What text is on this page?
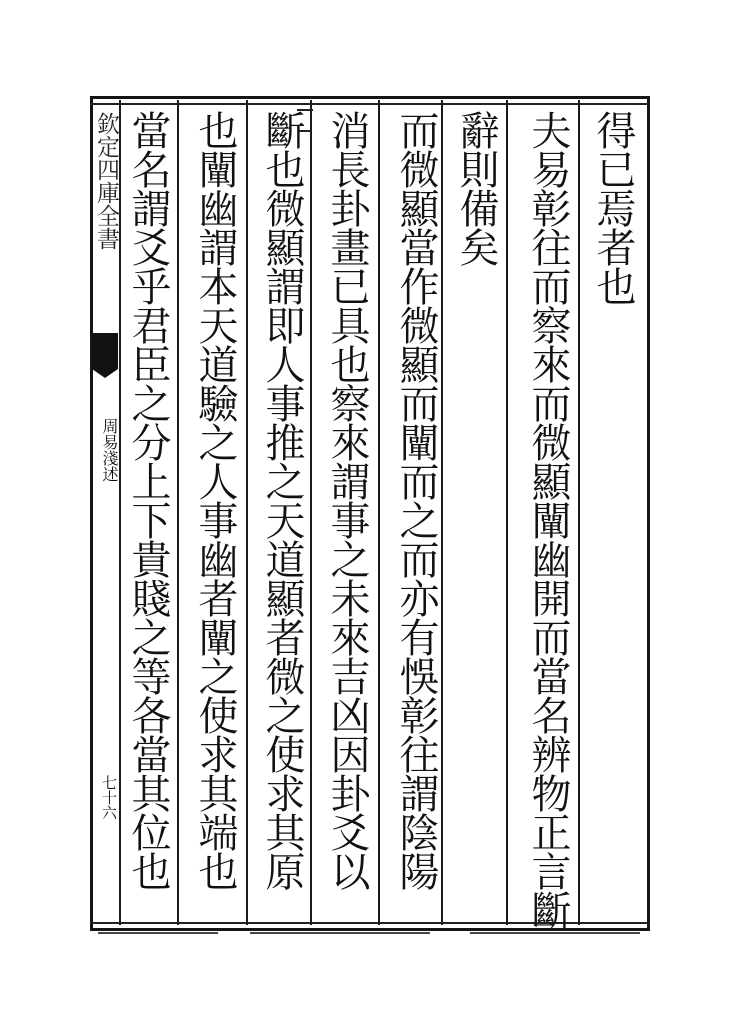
欽定四庫全書
周易淺述
七十六
得已焉者也
夫易彰往而察來而微顯闡幽開而當名辨物正言斷
辭則備矣
而微顯當作微顯而闡而之而亦有悞彰往謂陰陽
消長卦畫已具也察來謂事之未來吉凶因卦爻以
斷也微顯謂即人事推之天道顯者微之使求其原
也闡幽謂本天道驗之人事幽者闡之使求其端也
當名謂爻乎君臣之分上下貴賤之等各當其位也
